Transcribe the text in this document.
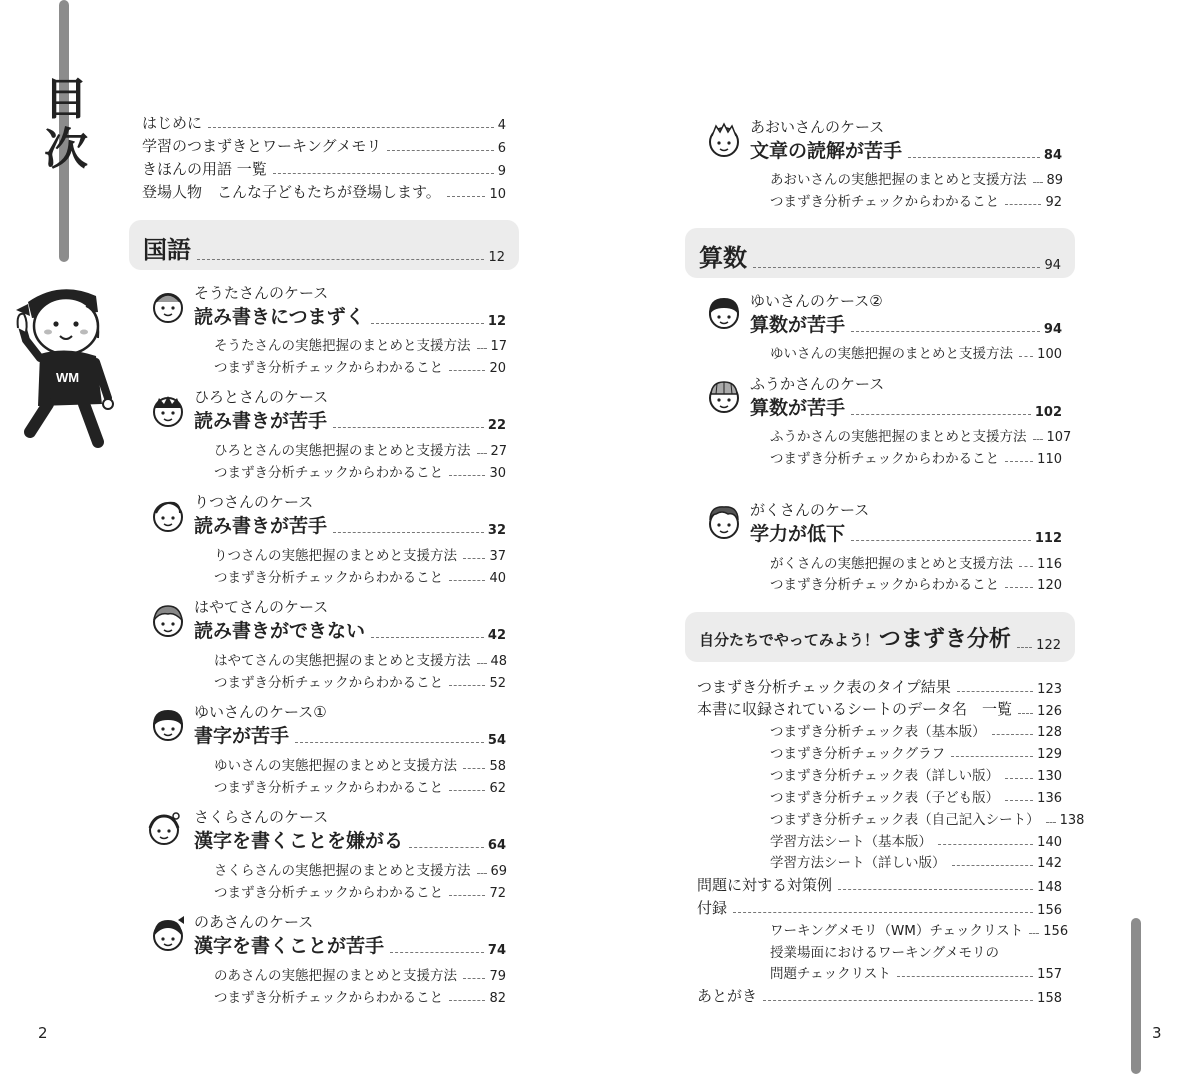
目
次
WM
はじめに	4
学習のつまずきとワーキングメモリ	6
きほんの用語 一覧	9
登場人物　こんな子どもたちが登場します。	10
国語	12
そうたさんのケース
読み書きにつまずく	12
そうたさんの実態把握のまとめと支援方法 17
つまずき分析チェックからわかること	20
ひろとさんのケース
読み書きが苦手	22
ひろとさんの実態把握のまとめと支援方法 27
つまずき分析チェックからわかること	30
りつさんのケース
読み書きが苦手	32
りつさんの実態把握のまとめと支援方法 37
つまずき分析チェックからわかること	40
はやてさんのケース
読み書きができない	42
はやてさんの実態把握のまとめと支援方法 48
つまずき分析チェックからわかること	52
ゆいさんのケース①
書字が苦手	54
ゆいさんの実態把握のまとめと支援方法 58
つまずき分析チェックからわかること	62
さくらさんのケース
漢字を書くことを嫌がる	64
さくらさんの実態把握のまとめと支援方法 69
つまずき分析チェックからわかること	72
のあさんのケース
漢字を書くことが苦手	74
のあさんの実態把握のまとめと支援方法 79
つまずき分析チェックからわかること	82
2
あおいさんのケース
文章の読解が苦手	84
あおいさんの実態把握のまとめと支援方法 89
つまずき分析チェックからわかること	92
算数	94
ゆいさんのケース②
算数が苦手	94
ゆいさんの実態把握のまとめと支援方法 100
ふうかさんのケース
算数が苦手	102
ふうかさんの実態把握のまとめと支援方法 107
つまずき分析チェックからわかること	110
がくさんのケース
学力が低下	112
がくさんの実態把握のまとめと支援方法 116
つまずき分析チェックからわかること	120
自分たちでやってみよう！ つまずき分析 122
つまずき分析チェック表のタイプ結果	123
本書に収録されているシートのデータ名　一覧 126
つまずき分析チェック表（基本版）	128
つまずき分析チェックグラフ	129
つまずき分析チェック表（詳しい版）	130
つまずき分析チェック表（子ども版）	136
つまずき分析チェック表（自己記入シート） 138
学習方法シート（基本版）	140
学習方法シート（詳しい版）	142
問題に対する対策例	148
付録	156
ワーキングメモリ（WM）チェックリスト 156
授業場面におけるワーキングメモリの
問題チェックリスト	157
あとがき	158
3
